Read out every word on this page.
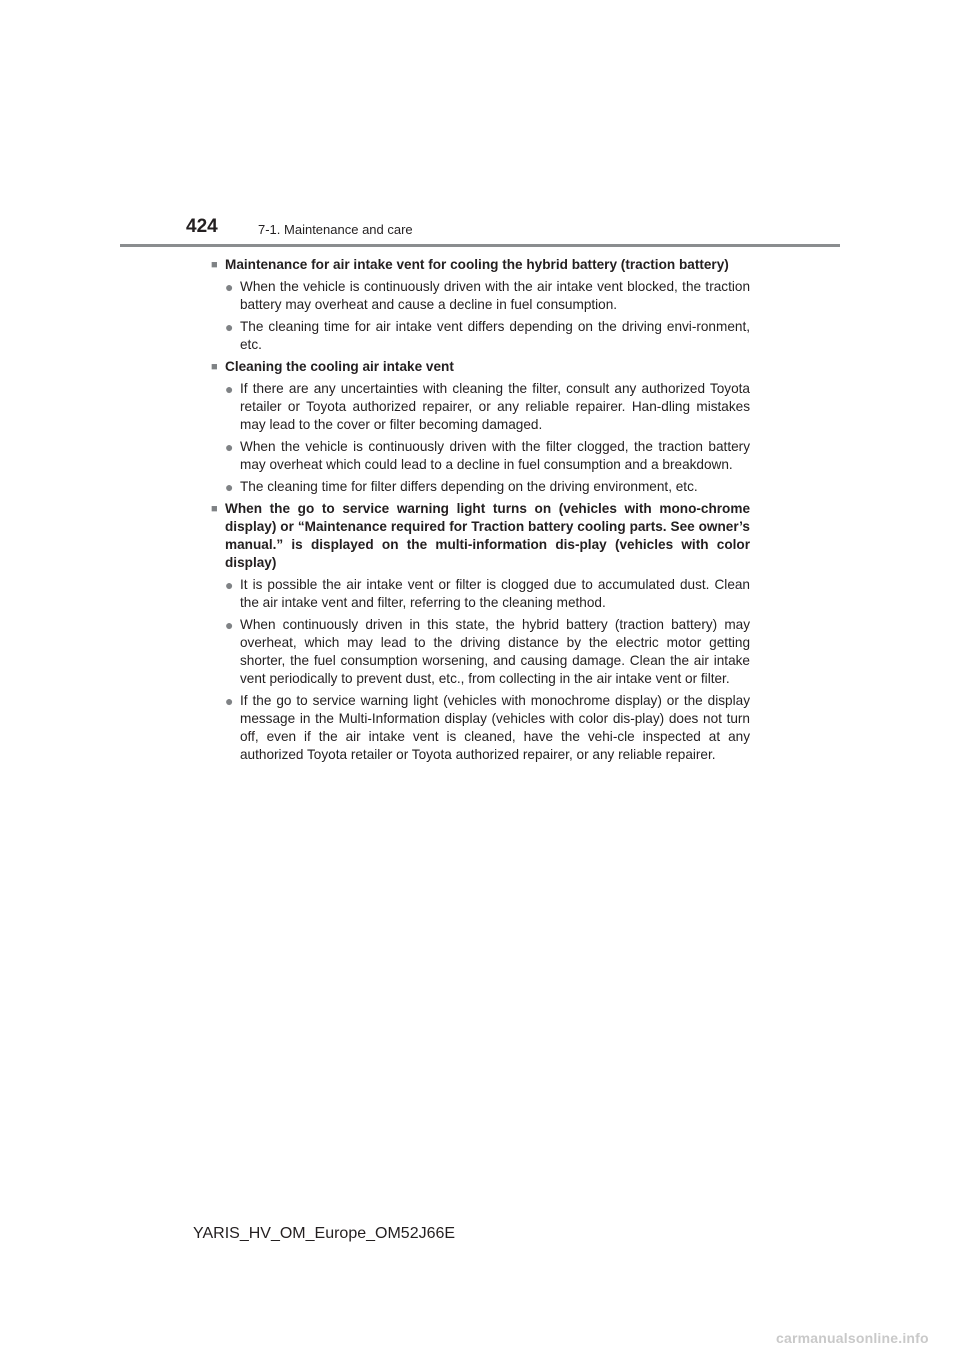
424	7-1. Maintenance and care
■ Maintenance for air intake vent for cooling the hybrid battery (traction battery)
● When the vehicle is continuously driven with the air intake vent blocked, the traction battery may overheat and cause a decline in fuel consumption.
● The cleaning time for air intake vent differs depending on the driving envi-ronment, etc.
■ Cleaning the cooling air intake vent
● If there are any uncertainties with cleaning the filter, consult any authorized Toyota retailer or Toyota authorized repairer, or any reliable repairer. Han-dling mistakes may lead to the cover or filter becoming damaged.
● When the vehicle is continuously driven with the filter clogged, the traction battery may overheat which could lead to a decline in fuel consumption and a breakdown.
● The cleaning time for filter differs depending on the driving environment, etc.
■ When the go to service warning light turns on (vehicles with mono-chrome display) or “Maintenance required for Traction battery cooling parts. See owner’s manual.” is displayed on the multi-information dis-play (vehicles with color display)
● It is possible the air intake vent or filter is clogged due to accumulated dust. Clean the air intake vent and filter, referring to the cleaning method.
● When continuously driven in this state, the hybrid battery (traction battery) may overheat, which may lead to the driving distance by the electric motor getting shorter, the fuel consumption worsening, and causing damage. Clean the air intake vent periodically to prevent dust, etc., from collecting in the air intake vent or filter.
● If the go to service warning light (vehicles with monochrome display) or the display message in the Multi-Information display (vehicles with color dis-play) does not turn off, even if the air intake vent is cleaned, have the vehi-cle inspected at any authorized Toyota retailer or Toyota authorized repairer, or any reliable repairer.
YARIS_HV_OM_Europe_OM52J66E
carmanualsonline.info
